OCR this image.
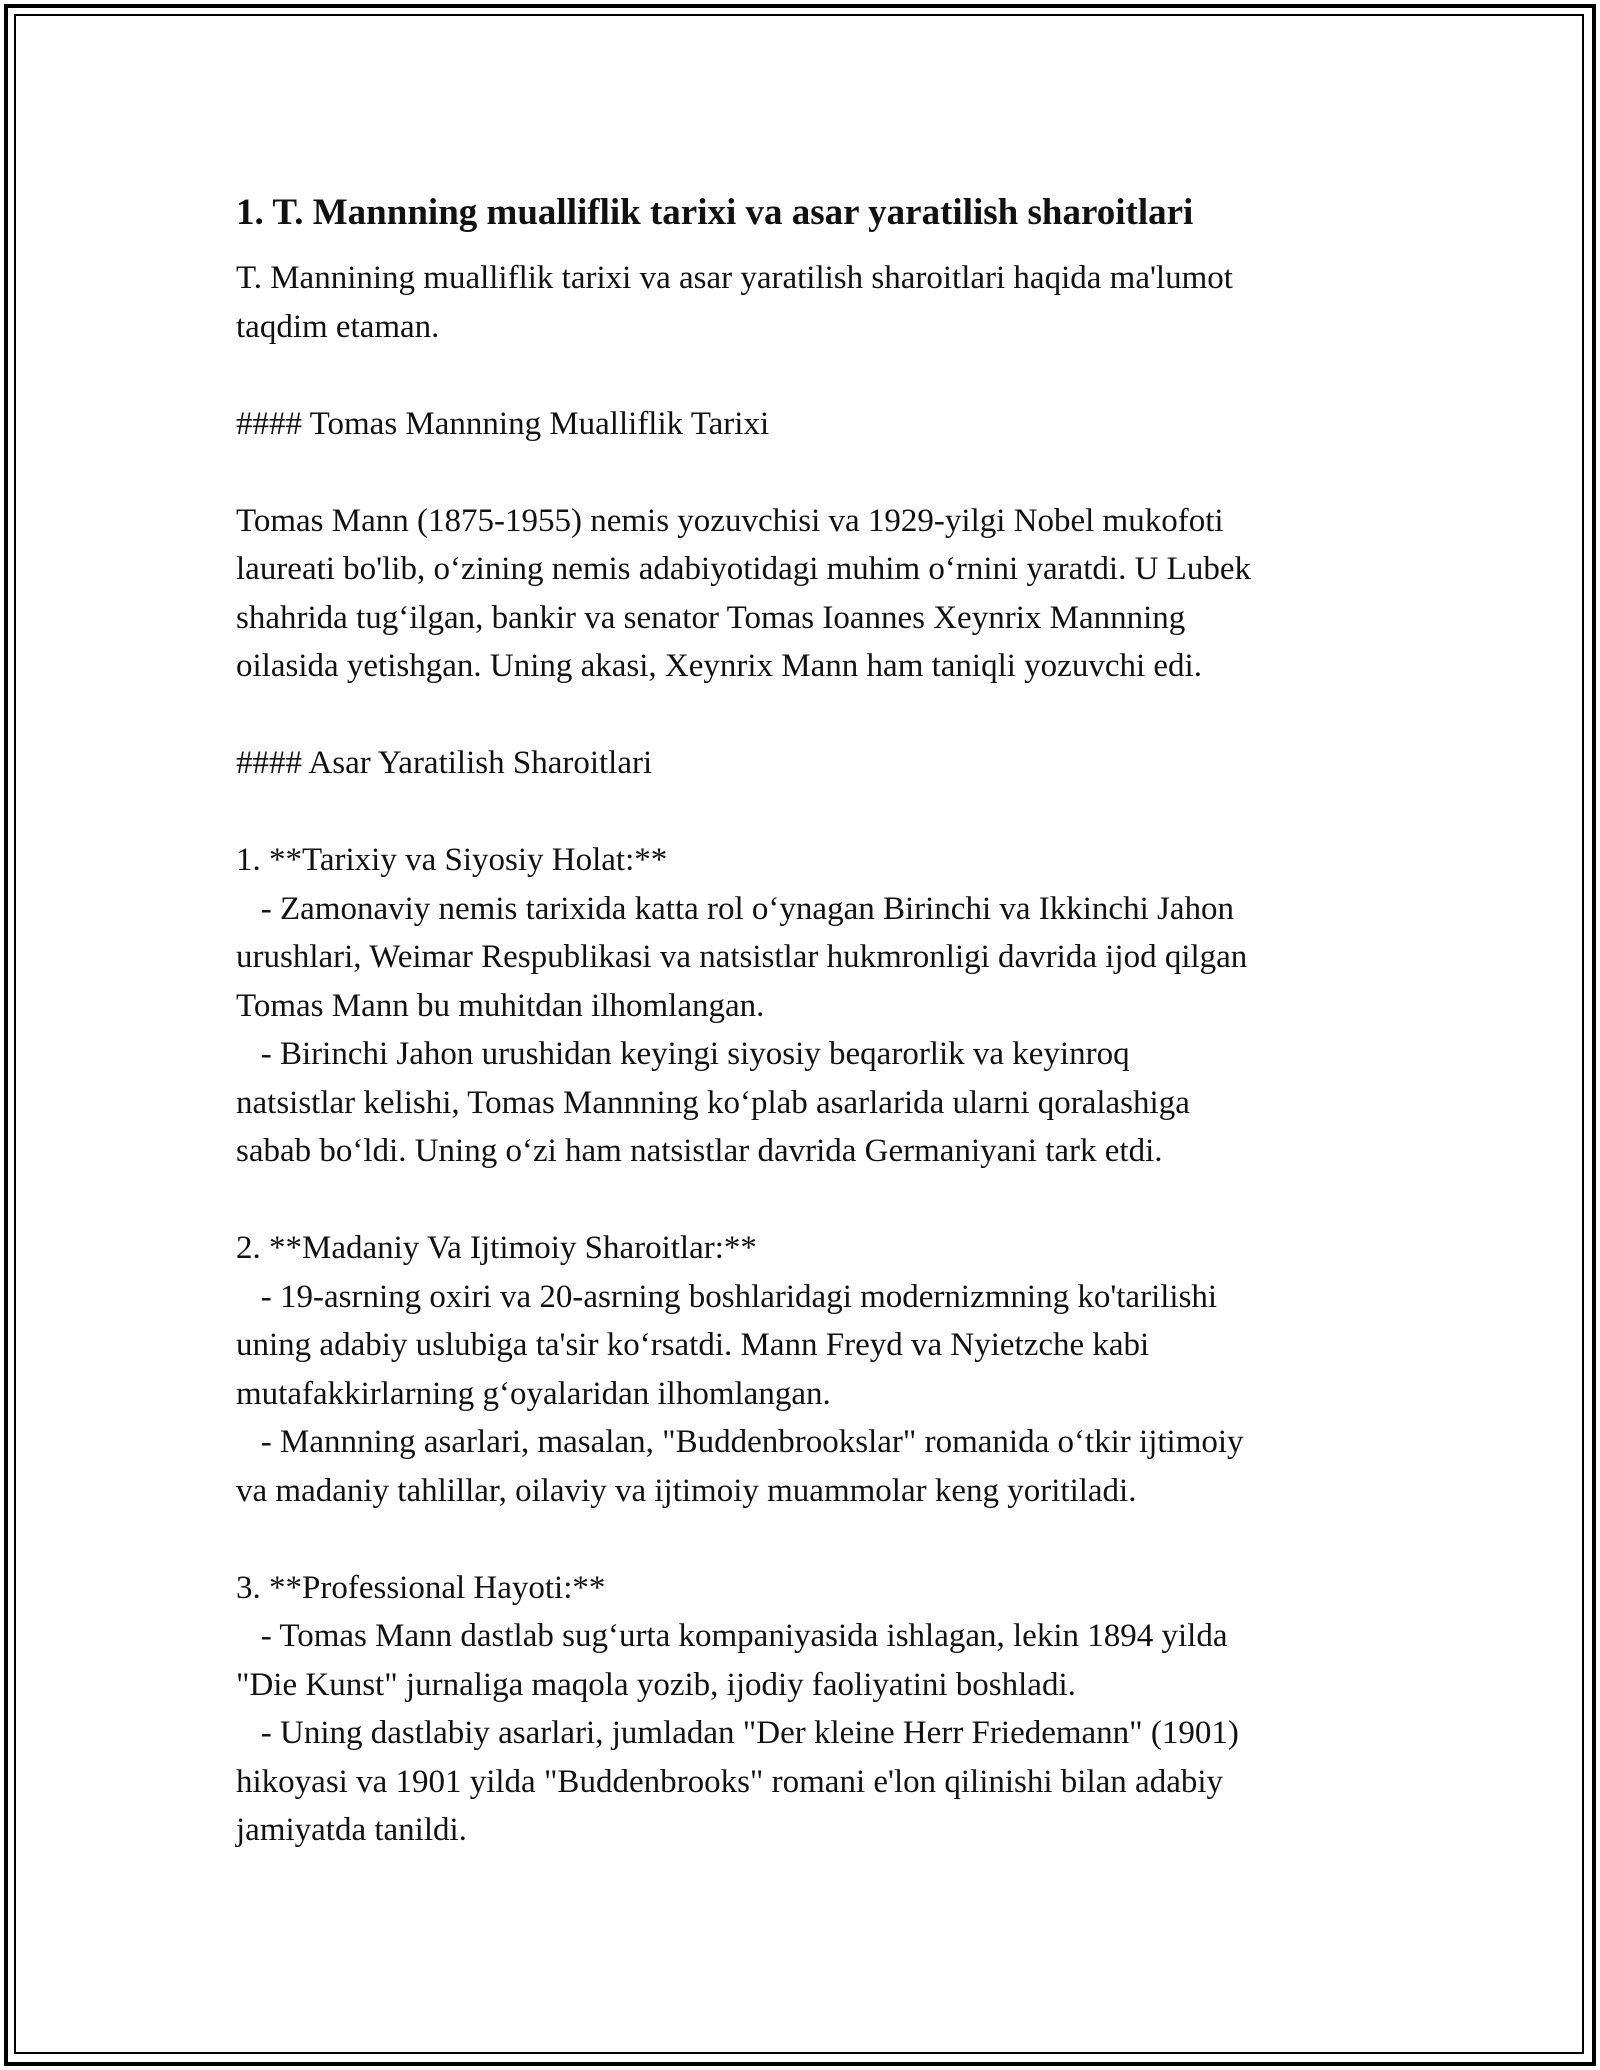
1. T. Mannning mualliflik tarixi va asar yaratilish sharoitlari

T. Mannining mualliflik tarixi va asar yaratilish sharoitlari haqida ma'lumot
taqdim etaman.

#### Tomas Mannning Mualliflik Tarixi

Tomas Mann (1875-1955) nemis yozuvchisi va 1929-yilgi Nobel mukofoti
laureati bo'lib, o‘zining nemis adabiyotidagi muhim o‘rnini yaratdi. U Lubek
shahrida tug‘ilgan, bankir va senator Tomas Ioannes Xeynrix Mannning
oilasida yetishgan. Uning akasi, Xeynrix Mann ham taniqli yozuvchi edi.

#### Asar Yaratilish Sharoitlari

1. **Tarixiy va Siyosiy Holat:**
- Zamonaviy nemis tarixida katta rol o‘ynagan Birinchi va Ikkinchi Jahon
urushlari, Weimar Respublikasi va natsistlar hukmronligi davrida ijod qilgan
Tomas Mann bu muhitdan ilhomlangan.
- Birinchi Jahon urushidan keyingi siyosiy beqarorlik va keyinroq
natsistlar kelishi, Tomas Mannning ko‘plab asarlarida ularni qoralashiga
sabab bo‘ldi. Uning o‘zi ham natsistlar davrida Germaniyani tark etdi.

2. **Madaniy Va Ijtimoiy Sharoitlar:**
- 19-asrning oxiri va 20-asrning boshlaridagi modernizmning ko'tarilishi
uning adabiy uslubiga ta'sir ko‘rsatdi. Mann Freyd va Nyietzche kabi
mutafakkirlarning g‘oyalaridan ilhomlangan.
- Mannning asarlari, masalan, "Buddenbrookslar" romanida o‘tkir ijtimoiy
va madaniy tahlillar, oilaviy va ijtimoiy muammolar keng yoritiladi.

3. **Professional Hayoti:**
- Tomas Mann dastlab sug‘urta kompaniyasida ishlagan, lekin 1894 yilda
"Die Kunst" jurnaliga maqola yozib, ijodiy faoliyatini boshladi.
- Uning dastlabiy asarlari, jumladan "Der kleine Herr Friedemann" (1901)
hikoyasi va 1901 yilda "Buddenbrooks" romani e'lon qilinishi bilan adabiy
jamiyatda tanildi.
